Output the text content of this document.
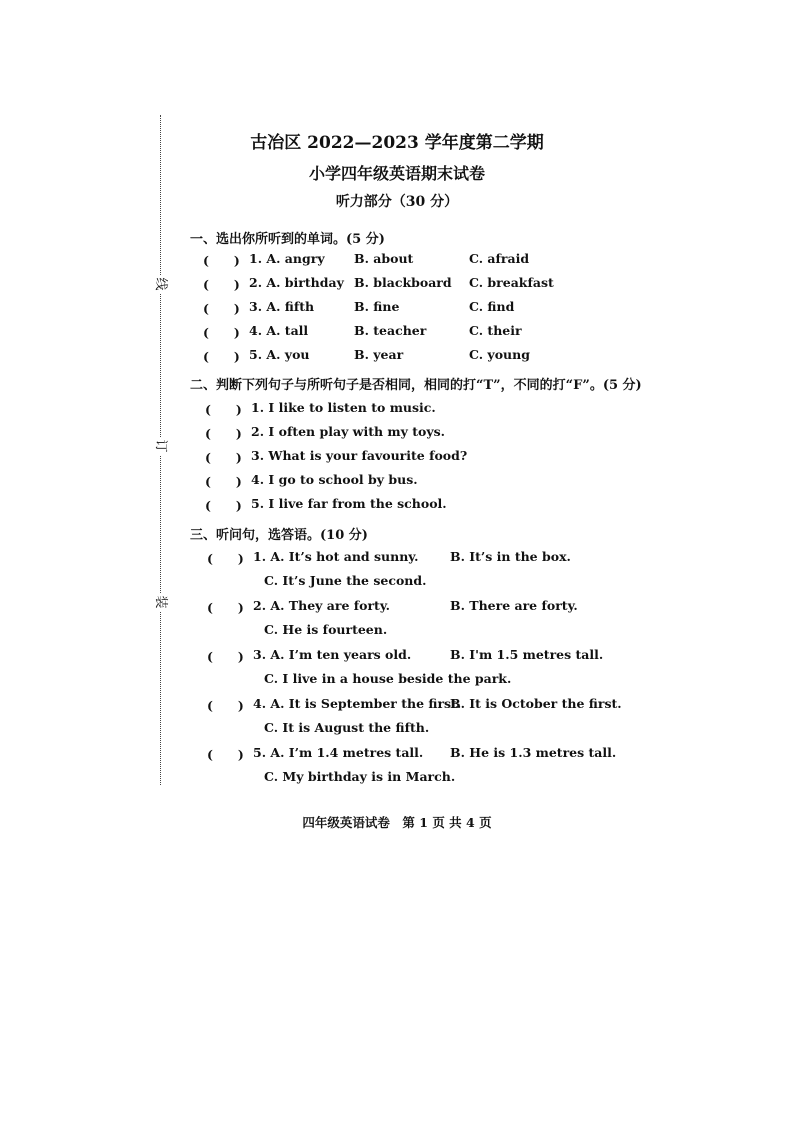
线
订
装
古冶区 2022—2023 学年度第二学期
小学四年级英语期末试卷
听力部分（30 分）
一、选出你所听到的单词。(5 分)
(　　) 1. A. angry B. about	C. afraid
(　　) 2. A. birthday B. blackboard C. breakfast
(　　) 3. A. fifth	B. fine	C. find
(　　) 4. A. tall	B. teacher	C. their
(　　) 5. A. you	B. year	C. young
二、判断下列句子与所听句子是否相同，相同的打“T”，不同的打“F”。(5 分)
(　　) 1. I like to listen to music.
(　　) 2. I often play with my toys.
(　　) 3. What is your favourite food?
(　　) 4. I go to school by bus.
(　　) 5. I live far from the school.
三、听问句，选答语。(10 分)
(　　) 1. A. It’s hot and sunny.	B. It’s in the box.
C. It’s June the second.
(　　) 2. A. They are forty.	B. There are forty.
C. He is fourteen.
(　　) 3. A. I’m ten years old.	B. I'm 1.5 metres tall.
C. I live in a house beside the park.
(　　) 4. A. It is September the first.
B. It is October the first.
C. It is August the fifth.
(　　) 5. A. I’m 1.4 metres tall. B. He is 1.3 metres tall.
C. My birthday is in March.
四年级英语试卷　第 1 页 共 4 页
